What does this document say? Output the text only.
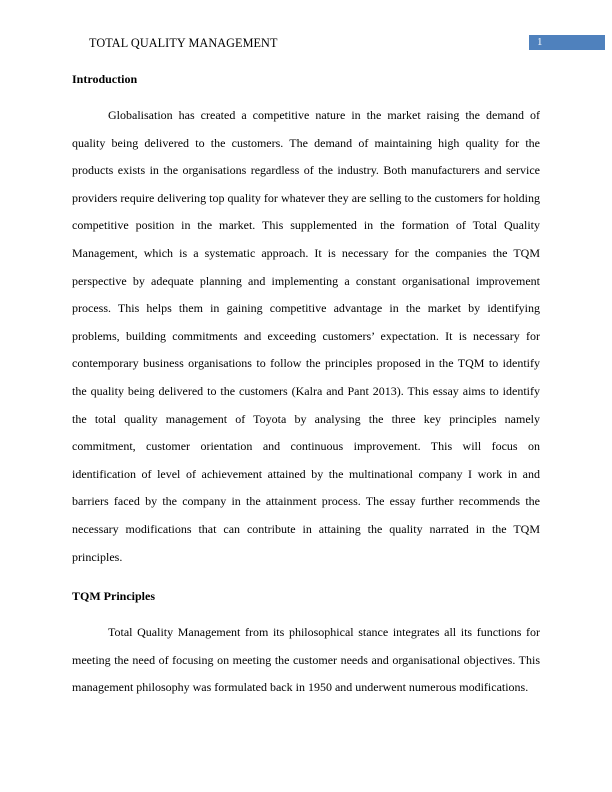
TOTAL QUALITY MANAGEMENT	1
Introduction

Globalisation has created a competitive nature in the market raising the demand of quality being delivered to the customers. The demand of maintaining high quality for the products exists in the organisations regardless of the industry. Both manufacturers and service providers require delivering top quality for whatever they are selling to the customers for holding competitive position in the market. This supplemented in the formation of Total Quality Management, which is a systematic approach. It is necessary for the companies the TQM perspective by adequate planning and implementing a constant organisational improvement process. This helps them in gaining competitive advantage in the market by identifying problems, building commitments and exceeding customers’ expectation. It is necessary for contemporary business organisations to follow the principles proposed in the TQM to identify the quality being delivered to the customers (Kalra and Pant 2013). This essay aims to identify the total quality management of Toyota by analysing the three key principles namely commitment, customer orientation and continuous improvement. This will focus on identification of level of achievement attained by the multinational company I work in and barriers faced by the company in the attainment process. The essay further recommends the necessary modifications that can contribute in attaining the quality narrated in the TQM principles.

TQM Principles

Total Quality Management from its philosophical stance integrates all its functions for meeting the need of focusing on meeting the customer needs and organisational objectives. This management philosophy was formulated back in 1950 and underwent numerous modifications.
